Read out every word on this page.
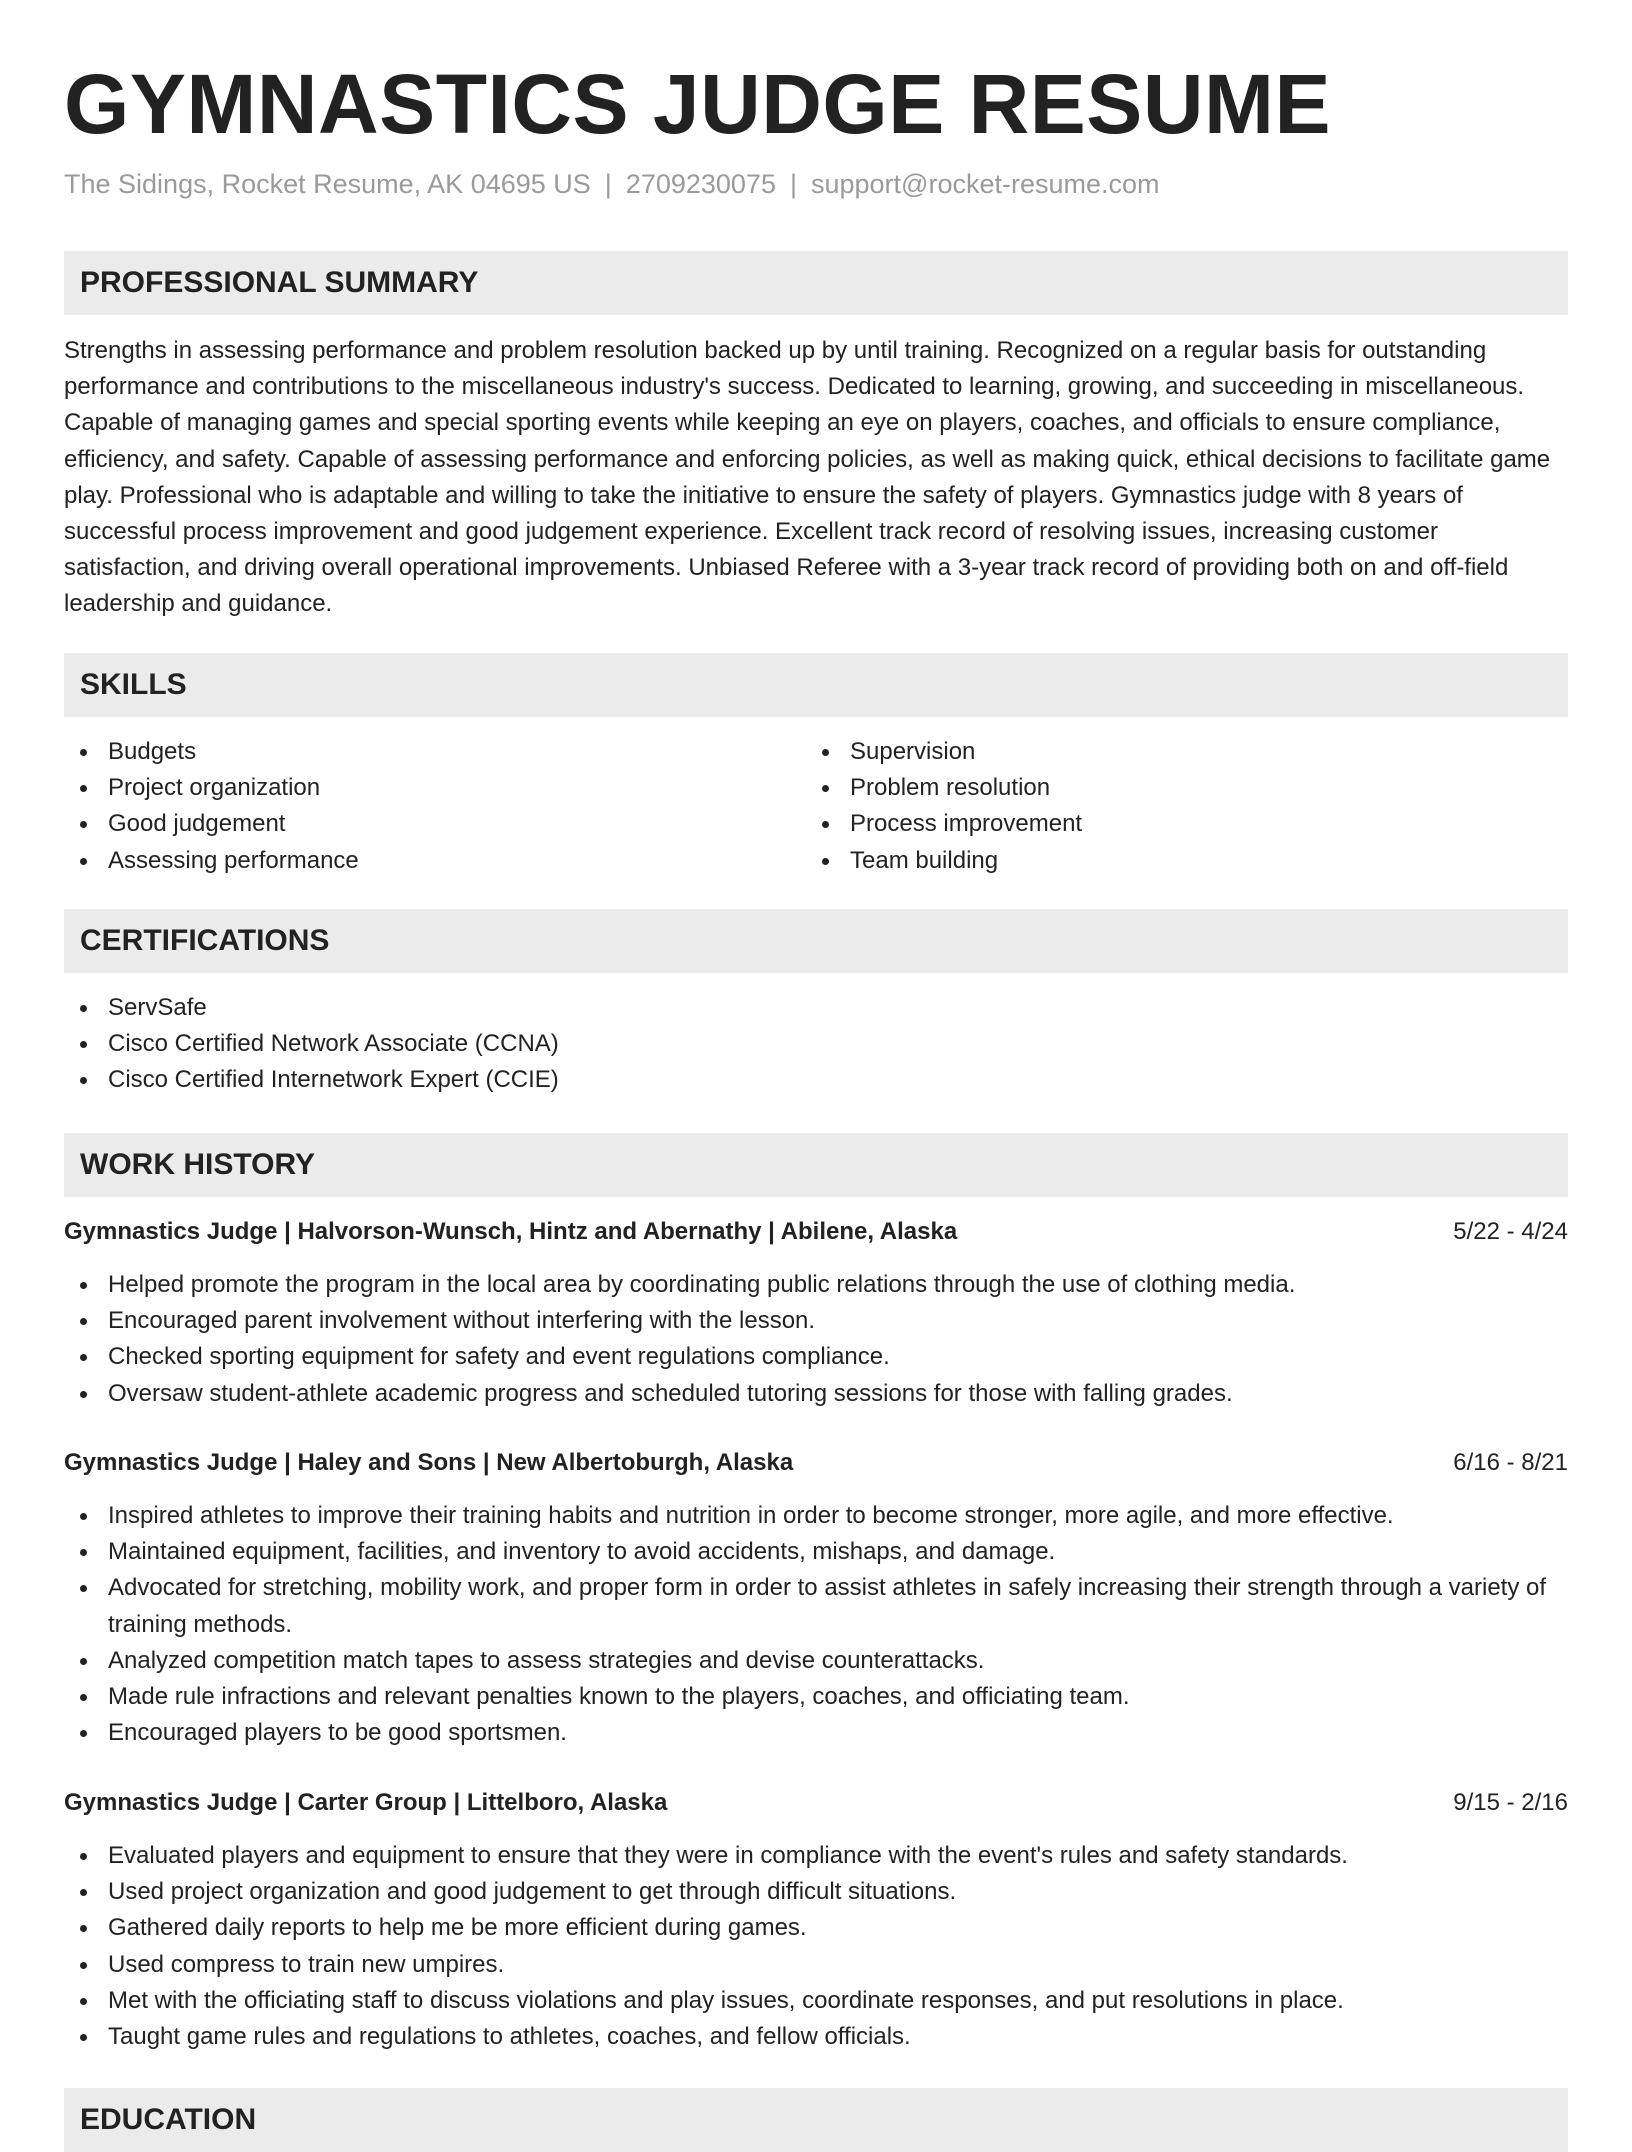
GYMNASTICS JUDGE RESUME
The Sidings, Rocket Resume, AK 04695 US | 2709230075 | support@rocket-resume.com
PROFESSIONAL SUMMARY

Strengths in assessing performance and problem resolution backed up by until training. Recognized on a regular basis for outstanding performance and contributions to the miscellaneous industry's success. Dedicated to learning, growing, and succeeding in miscellaneous. Capable of managing games and special sporting events while keeping an eye on players, coaches, and officials to ensure compliance, efficiency, and safety. Capable of assessing performance and enforcing policies, as well as making quick, ethical decisions to facilitate game play. Professional who is adaptable and willing to take the initiative to ensure the safety of players. Gymnastics judge with 8 years of successful process improvement and good judgement experience. Excellent track record of resolving issues, increasing customer satisfaction, and driving overall operational improvements. Unbiased Referee with a 3-year track record of providing both on and off-field leadership and guidance.

SKILLS
Budgets
Project organization
Good judgement
Assessing performance
Supervision
Problem resolution
Process improvement
Team building
CERTIFICATIONS
ServSafe
Cisco Certified Network Associate (CCNA)
Cisco Certified Internetwork Expert (CCIE)
WORK HISTORY
Gymnastics Judge | Halvorson-Wunsch, Hintz and Abernathy | Abilene, Alaska	5/22 - 4/24
Helped promote the program in the local area by coordinating public relations through the use of clothing media.
Encouraged parent involvement without interfering with the lesson.
Checked sporting equipment for safety and event regulations compliance.
Oversaw student-athlete academic progress and scheduled tutoring sessions for those with falling grades.
Gymnastics Judge | Haley and Sons | New Albertoburgh, Alaska	6/16 - 8/21
Inspired athletes to improve their training habits and nutrition in order to become stronger, more agile, and more effective.
Maintained equipment, facilities, and inventory to avoid accidents, mishaps, and damage.
Advocated for stretching, mobility work, and proper form in order to assist athletes in safely increasing their strength through a variety of training methods.
Analyzed competition match tapes to assess strategies and devise counterattacks.
Made rule infractions and relevant penalties known to the players, coaches, and officiating team.
Encouraged players to be good sportsmen.
Gymnastics Judge | Carter Group | Littelboro, Alaska	9/15 - 2/16
Evaluated players and equipment to ensure that they were in compliance with the event's rules and safety standards.
Used project organization and good judgement to get through difficult situations.
Gathered daily reports to help me be more efficient during games.
Used compress to train new umpires.
Met with the officiating staff to discuss violations and play issues, coordinate responses, and put resolutions in place.
Taught game rules and regulations to athletes, coaches, and fellow officials.
EDUCATION
